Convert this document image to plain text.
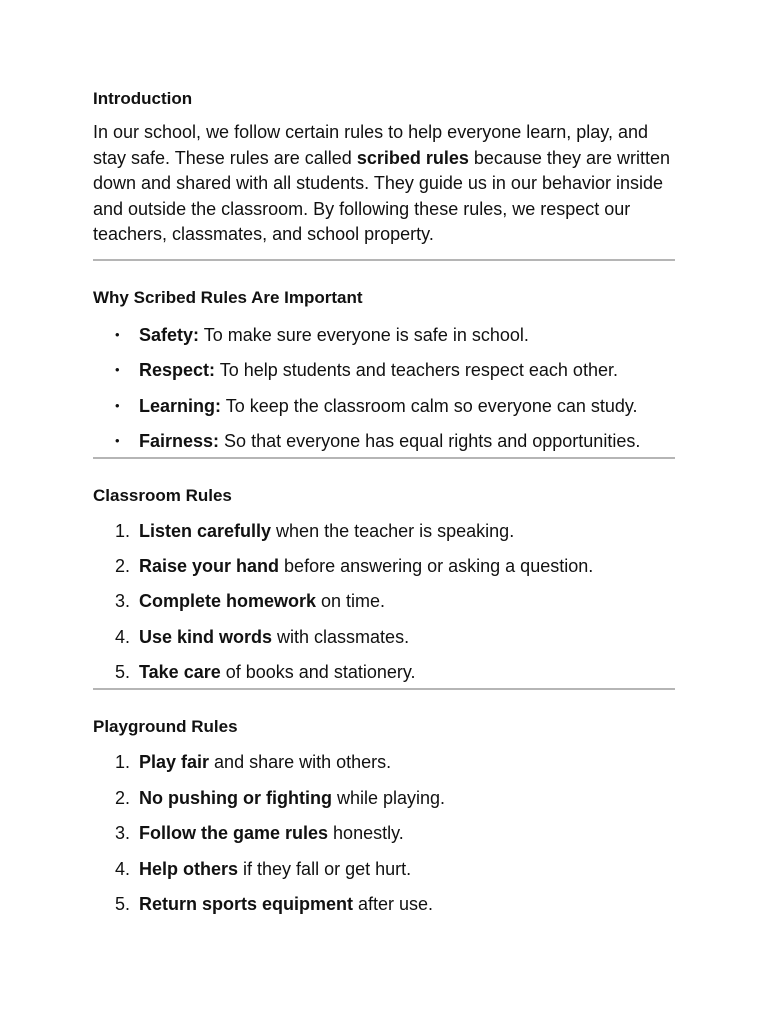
Introduction

In our school, we follow certain rules to help everyone learn, play, and stay safe. These rules are called scribed rules because they are written down and shared with all students. They guide us in our behavior inside and outside the classroom. By following these rules, we respect our teachers, classmates, and school property.

Why Scribed Rules Are Important
•	Safety: To make sure everyone is safe in school.
•	Respect: To help students and teachers respect each other.
•	Learning: To keep the classroom calm so everyone can study.
•	Fairness: So that everyone has equal rights and opportunities.
Classroom Rules
1. Listen carefully when the teacher is speaking.
2. Raise your hand before answering or asking a question.
3. Complete homework on time.
4. Use kind words with classmates.
5. Take care of books and stationery.
Playground Rules
1. Play fair and share with others.
2. No pushing or fighting while playing.
3. Follow the game rules honestly.
4. Help others if they fall or get hurt.
5. Return sports equipment after use.
